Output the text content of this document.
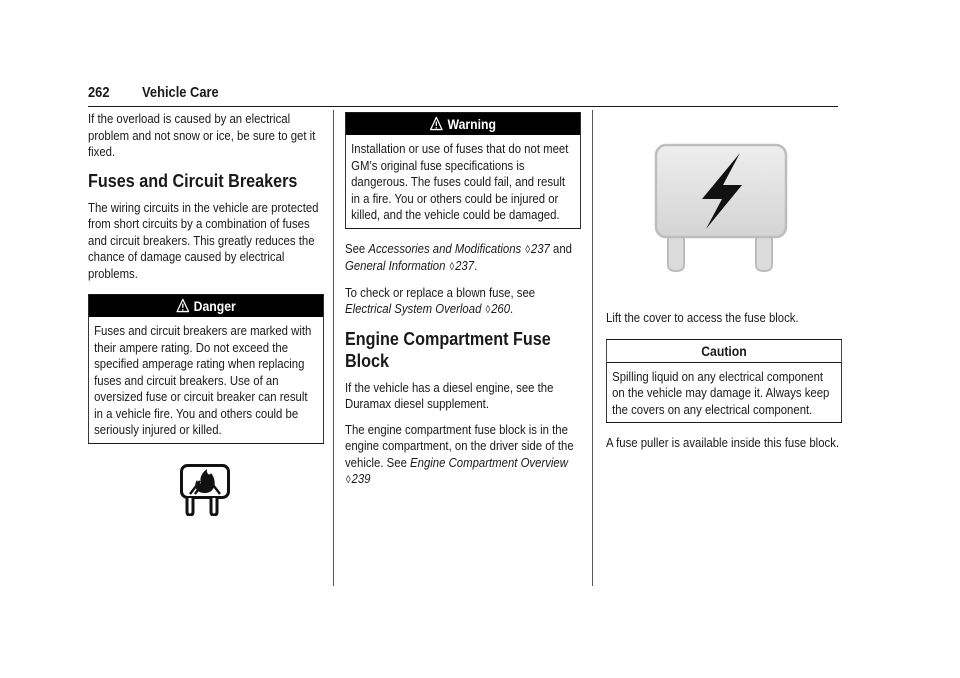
262 Vehicle Care

If the overload is caused by an electrical problem and not snow or ice, be sure to get it fixed.

Fuses and Circuit Breakers

The wiring circuits in the vehicle are protected from short circuits by a combination of fuses and circuit breakers. This greatly reduces the chance of damage caused by electrical problems.

Danger

Fuses and circuit breakers are marked with their ampere rating. Do not exceed the specified amperage rating when replacing fuses and circuit breakers. Use of an oversized fuse or circuit breaker can result in a vehicle fire. You and others could be seriously injured or killed.

Warning

Installation or use of fuses that do not meet GM’s original fuse specifications is dangerous. The fuses could fail, and result in a fire. You or others could be injured or killed, and the vehicle could be damaged.

See Accessories and Modifications ◊237 and General Information ◊237.

To check or replace a blown fuse, see Electrical System Overload ◊260.

Engine Compartment Fuse Block

If the vehicle has a diesel engine, see the Duramax diesel supplement.

The engine compartment fuse block is in the engine compartment, on the driver side of the vehicle. See Engine Compartment Overview ◊239

Lift the cover to access the fuse block.

Caution

Spilling liquid on any electrical component on the vehicle may damage it. Always keep the covers on any electrical component.

A fuse puller is available inside this fuse block.
